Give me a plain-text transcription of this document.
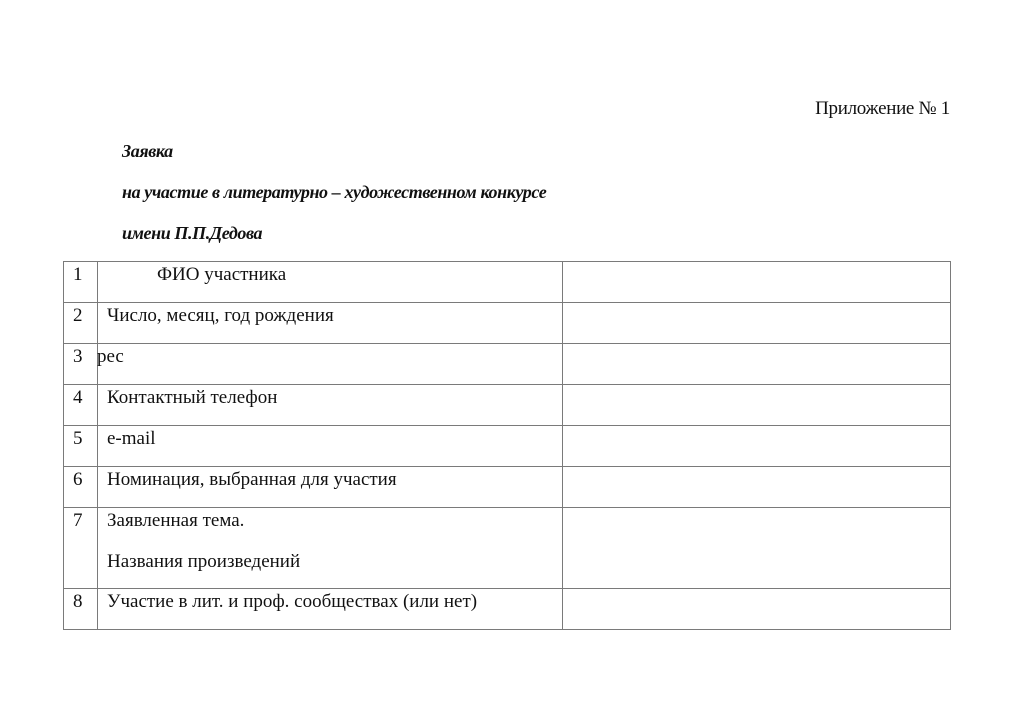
Приложение № 1
Заявка
на участие в литературно – художественном конкурсе
имени П.П.Дедова
1	ФИО участника	
2	Число, месяц, год рождения	
3	рес	
4	Контактный телефон	
5	e-mail	
6	Номинация, выбранная для участия	
7	Заявленная тема.
Названия произведений	

8	Участие в лит. и проф. сообществах (или нет)	
